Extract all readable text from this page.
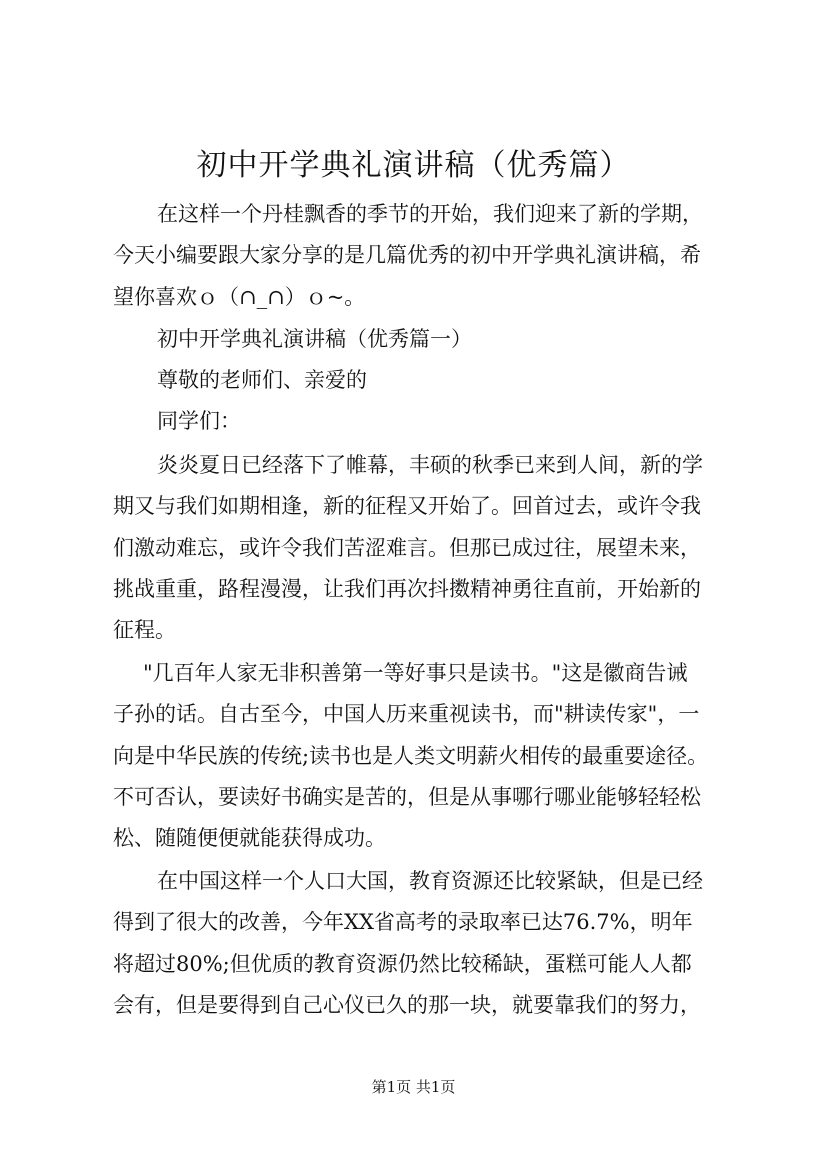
初中开学典礼演讲稿（优秀篇）
在这样一个丹桂飘香的季节的开始，我们迎来了新的学期，
今天小编要跟大家分享的是几篇优秀的初中开学典礼演讲稿，希
望你喜欢ｏ（∩_∩）ｏ~。
初中开学典礼演讲稿（优秀篇一）
尊敬的老师们、亲爱的
同学们：
炎炎夏日已经落下了帷幕，丰硕的秋季已来到人间，新的学
期又与我们如期相逢，新的征程又开始了。回首过去，或许令我
们激动难忘，或许令我们苦涩难言。但那已成过往，展望未来，
挑战重重，路程漫漫，让我们再次抖擞精神勇往直前，开始新的
征程。
"几百年人家无非积善第一等好事只是读书。"这是徽商告诫
子孙的话。自古至今，中国人历来重视读书，而"耕读传家"，一
向是中华民族的传统;读书也是人类文明薪火相传的最重要途径。
不可否认，要读好书确实是苦的，但是从事哪行哪业能够轻轻松
松、随随便便就能获得成功。
在中国这样一个人口大国，教育资源还比较紧缺，但是已经
得到了很大的改善，今年XX省高考的录取率已达76.7%，明年
将超过80%;但优质的教育资源仍然比较稀缺，蛋糕可能人人都
会有，但是要得到自己心仪已久的那一块，就要靠我们的努力，
第1页 共1页
